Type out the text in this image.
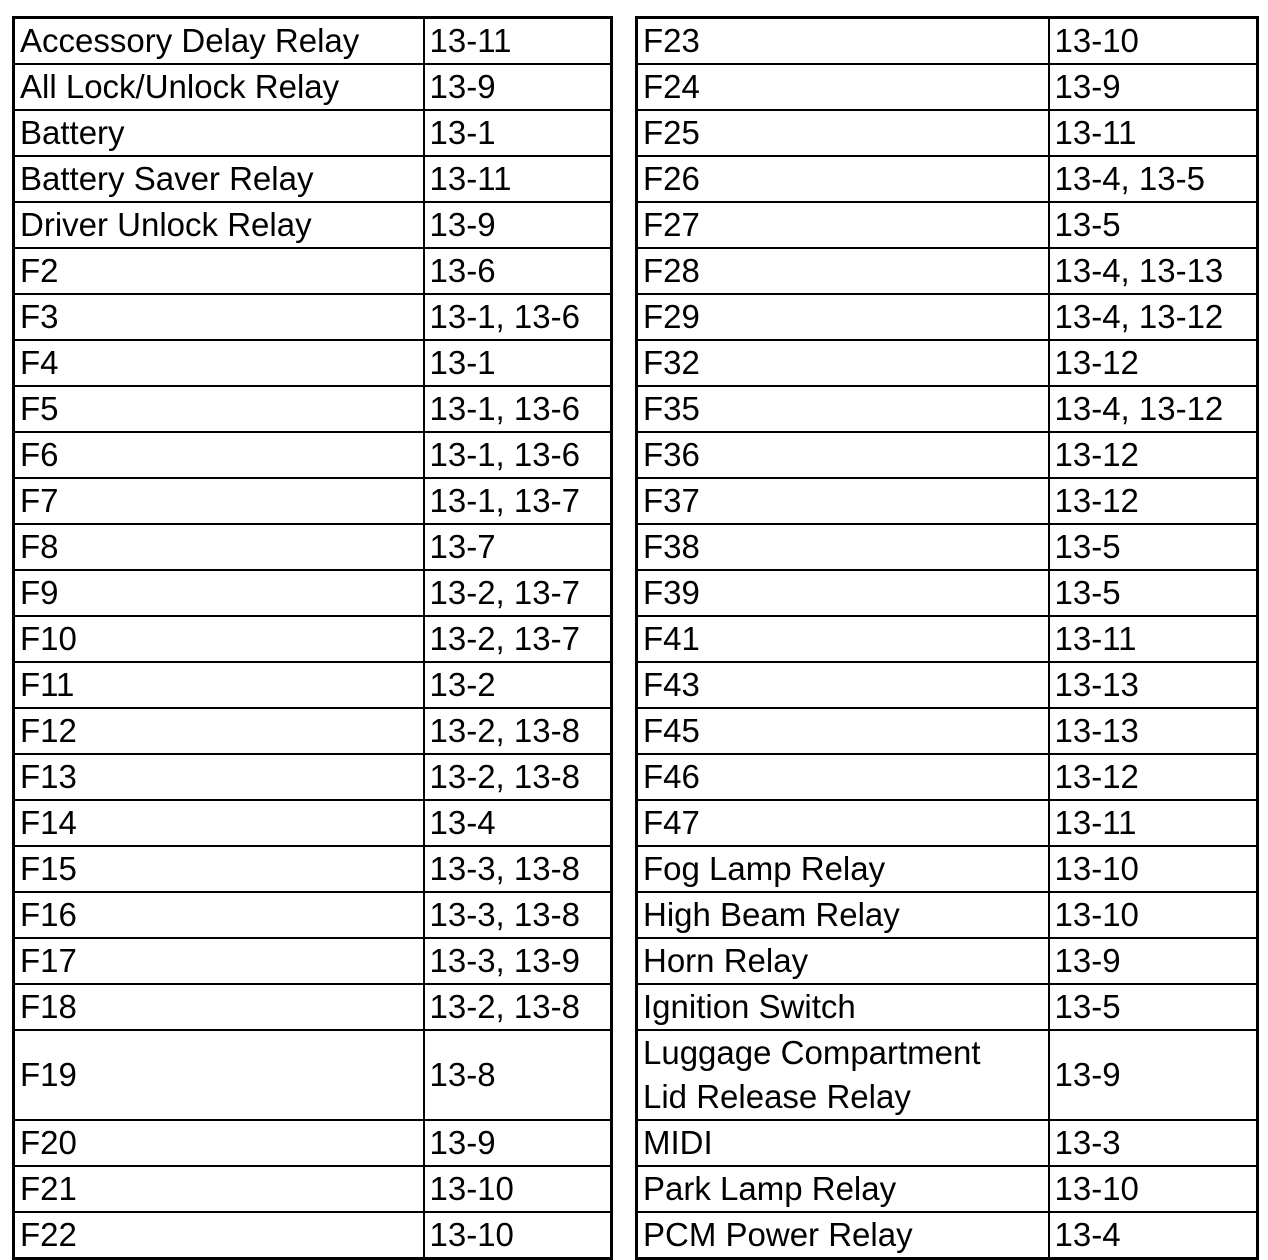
Accessory Delay Relay	13-11
All Lock/Unlock Relay	13-9
Battery	13-1
Battery Saver Relay	13-11
Driver Unlock Relay	13-9
F2	13-6
F3	13-1, 13-6
F4	13-1
F5	13-1, 13-6
F6	13-1, 13-6
F7	13-1, 13-7
F8	13-7
F9	13-2, 13-7
F10	13-2, 13-7
F11	13-2
F12	13-2, 13-8
F13	13-2, 13-8
F14	13-4
F15	13-3, 13-8
F16	13-3, 13-8
F17	13-3, 13-9
F18	13-2, 13-8
F19	13-8
F20	13-9
F21	13-10
F22	13-10
F23	13-10
F24	13-9
F25	13-11
F26	13-4, 13-5
F27	13-5
F28	13-4, 13-13
F29	13-4, 13-12
F32	13-12
F35	13-4, 13-12
F36	13-12
F37	13-12
F38	13-5
F39	13-5
F41	13-11
F43	13-13
F45	13-13
F46	13-12
F47	13-11
Fog Lamp Relay	13-10
High Beam Relay	13-10
Horn Relay	13-9
Ignition Switch	13-5

Luggage Compartment
Lid Release Relay	13-9
MIDI	13-3
Park Lamp Relay	13-10
PCM Power Relay	13-4
